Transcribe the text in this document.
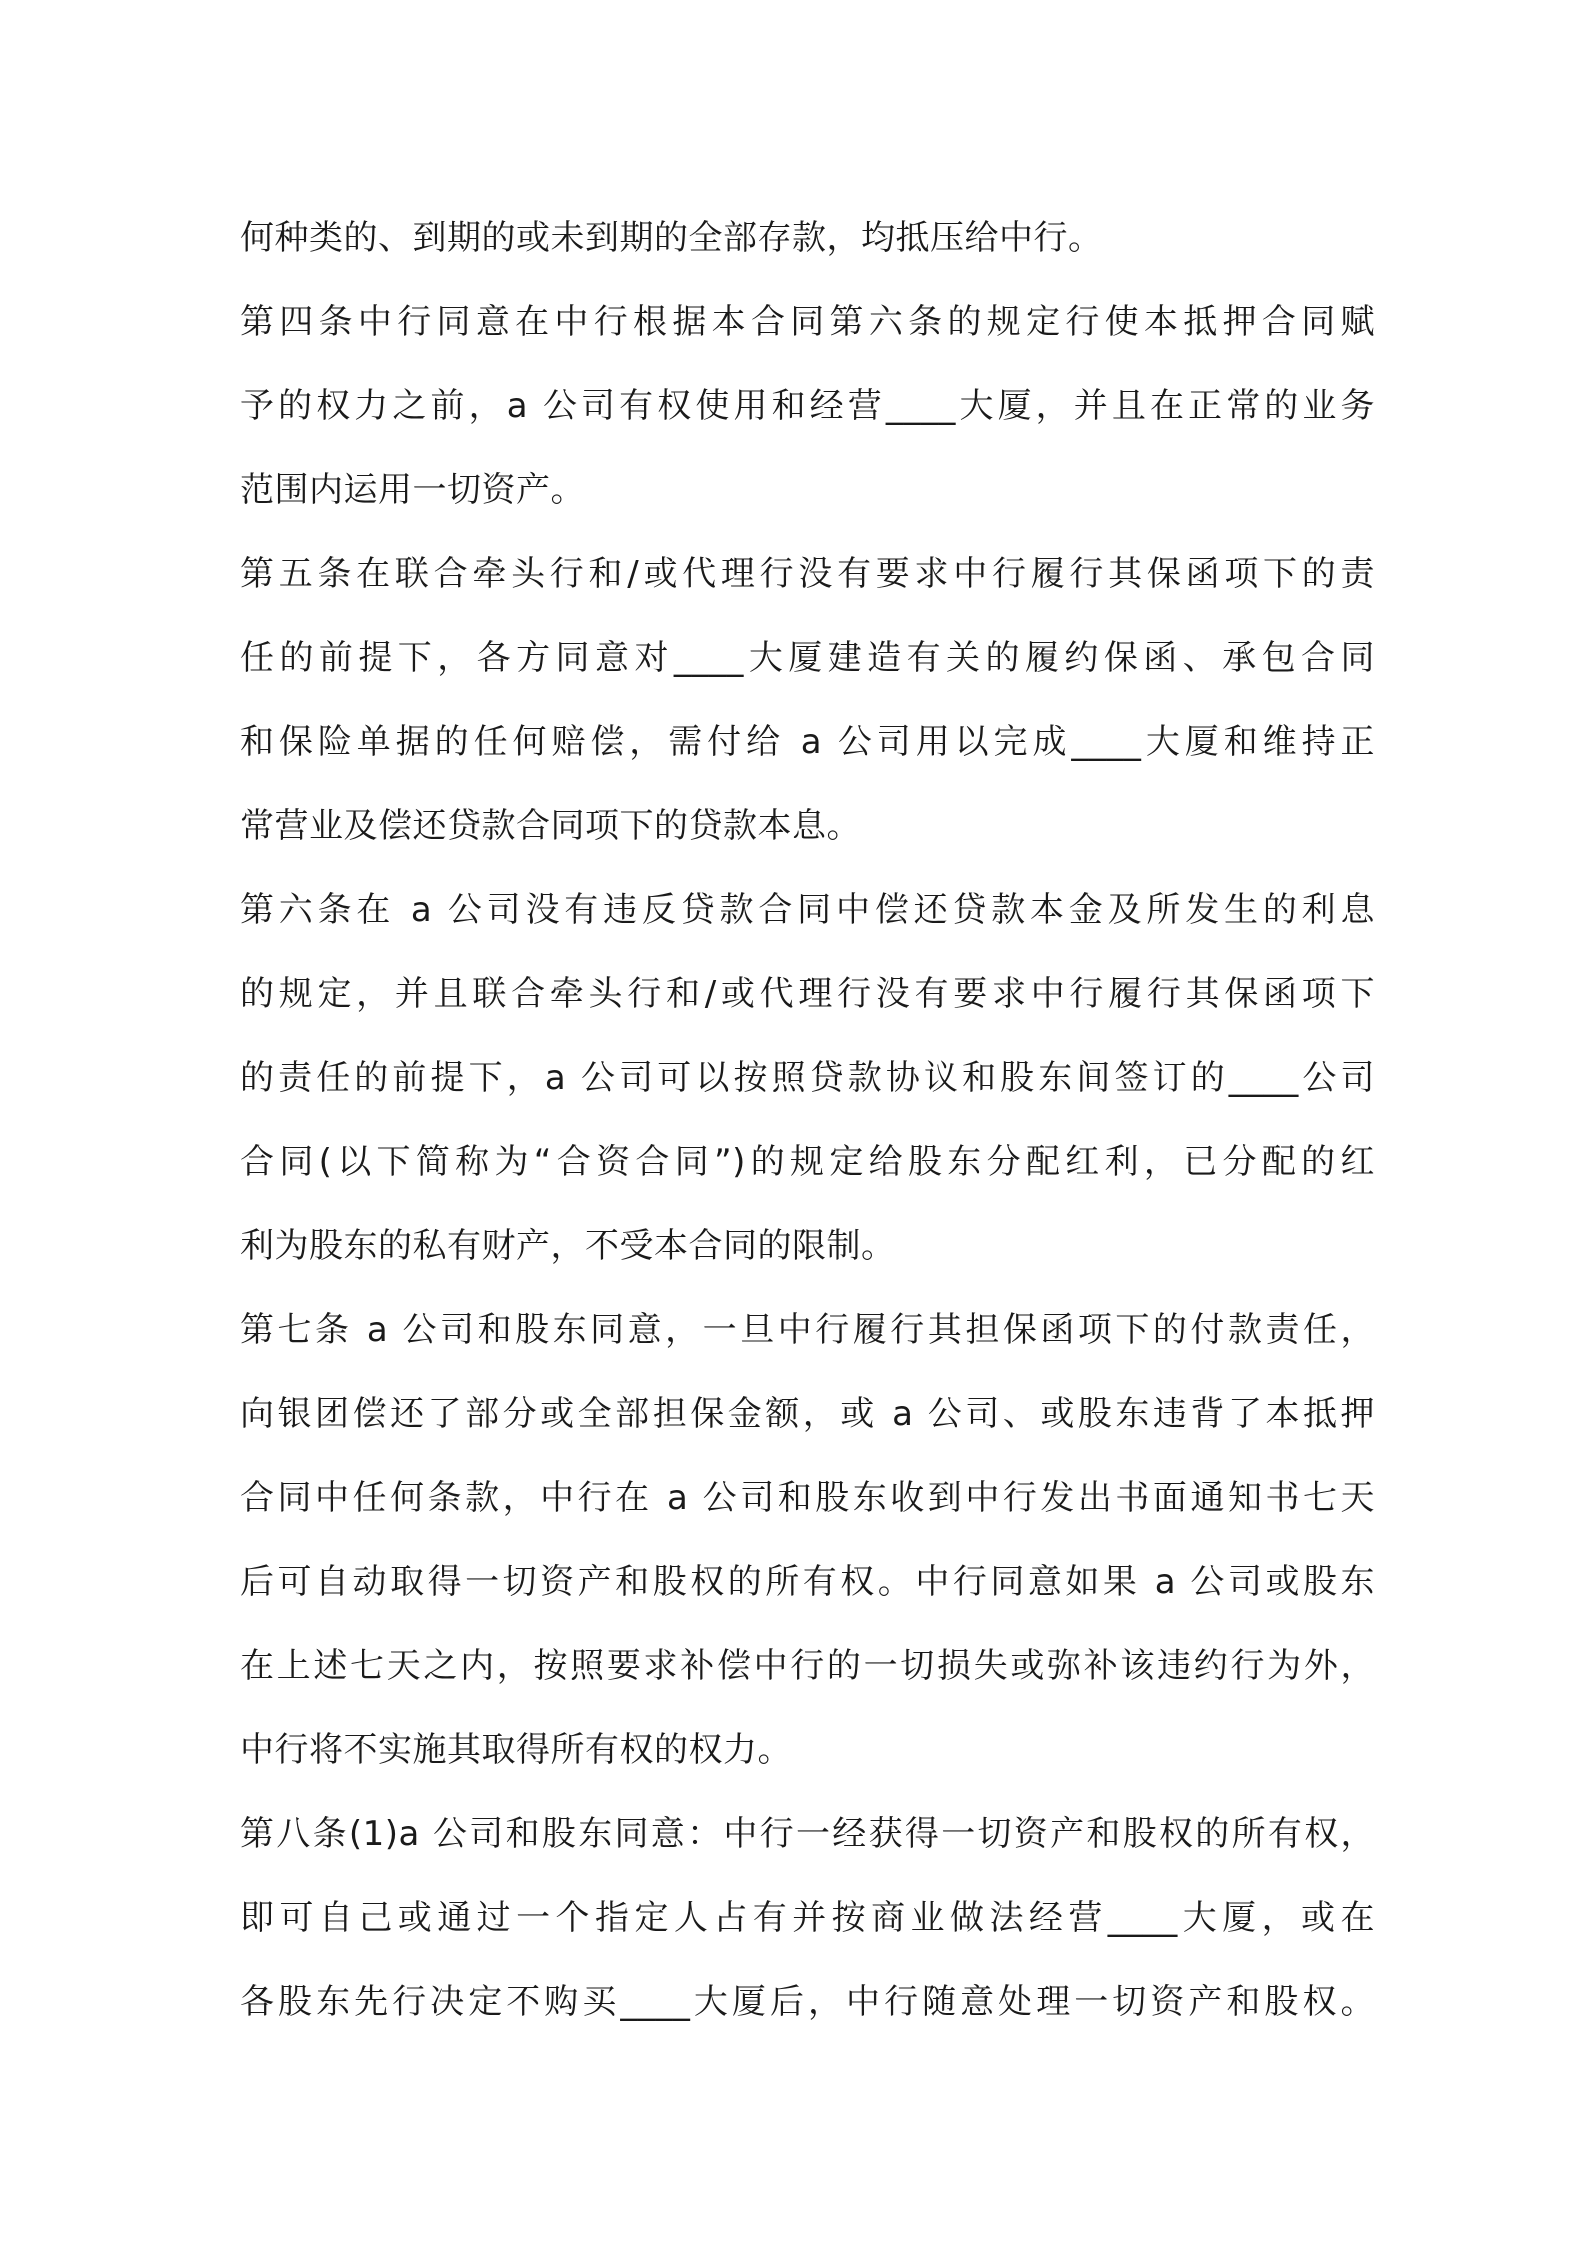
何种类的、到期的或未到期的全部存款，均抵压给中行。
第四条中行同意在中行根据本合同第六条的规定行使本抵押合同赋
予的权力之前，a 公司有权使用和经营____大厦，并且在正常的业务
范围内运用一切资产。
第五条在联合牵头行和/或代理行没有要求中行履行其保函项下的责
任的前提下，各方同意对____大厦建造有关的履约保函、承包合同
和保险单据的任何赔偿，需付给 a 公司用以完成____大厦和维持正
常营业及偿还贷款合同项下的贷款本息。
第六条在 a 公司没有违反贷款合同中偿还贷款本金及所发生的利息
的规定，并且联合牵头行和/或代理行没有要求中行履行其保函项下
的责任的前提下，a 公司可以按照贷款协议和股东间签订的____公司
合同(以下简称为“合资合同”)的规定给股东分配红利，已分配的红
利为股东的私有财产，不受本合同的限制。
第七条 a 公司和股东同意，一旦中行履行其担保函项下的付款责任，
向银团偿还了部分或全部担保金额，或 a 公司、或股东违背了本抵押
合同中任何条款，中行在 a 公司和股东收到中行发出书面通知书七天
后可自动取得一切资产和股权的所有权。中行同意如果 a 公司或股东
在上述七天之内，按照要求补偿中行的一切损失或弥补该违约行为外，
中行将不实施其取得所有权的权力。
第八条(1)a 公司和股东同意：中行一经获得一切资产和股权的所有权，
即可自己或通过一个指定人占有并按商业做法经营____大厦，或在
各股东先行决定不购买____大厦后，中行随意处理一切资产和股权。
